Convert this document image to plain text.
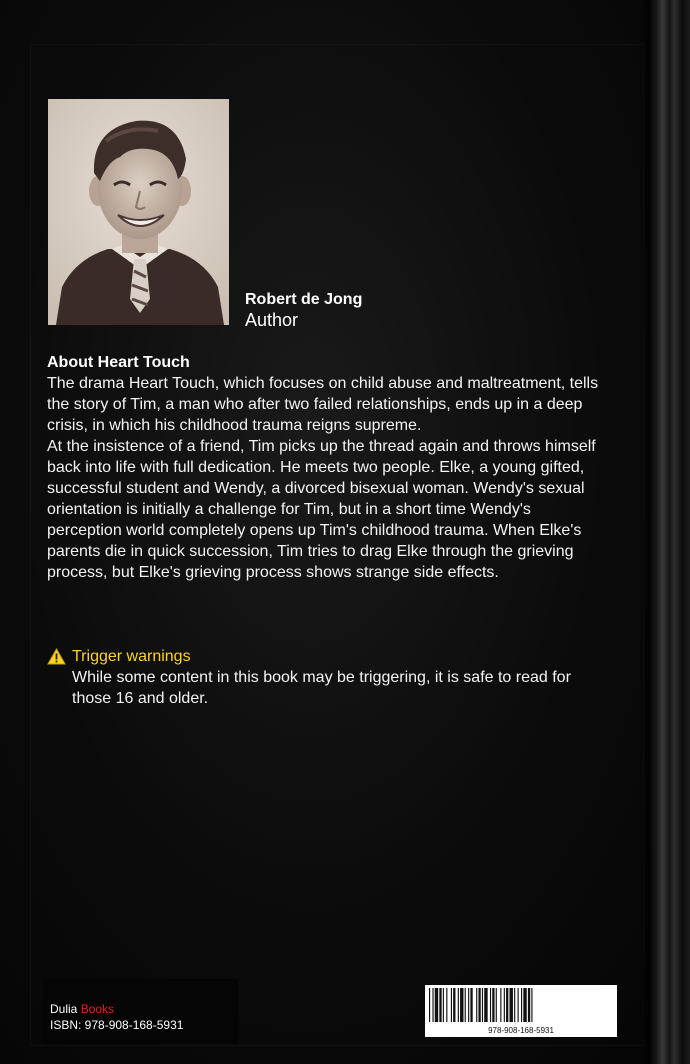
Robert de Jong
Author

About Heart Touch

The drama Heart Touch, which focuses on child abuse and maltreatment, tells the story of Tim, a man who after two failed relationships, ends up in a deep crisis, in which his childhood trauma reigns supreme.

At the insistence of a friend, Tim picks up the thread again and throws himself back into life with full dedication. He meets two people. Elke, a young gifted, successful student and Wendy, a divorced bisexual woman. Wendy's sexual orientation is initially a challenge for Tim, but in a short time Wendy's perception world completely opens up Tim's childhood trauma. When Elke's parents die in quick succession, Tim tries to drag Elke through the grieving process, but Elke's grieving process shows strange side effects.

Trigger warnings

While some content in this book may be triggering, it is safe to read for those 16 and older.

Dulia Books
ISBN: 978-908-168-5931	978-908-168-5931
